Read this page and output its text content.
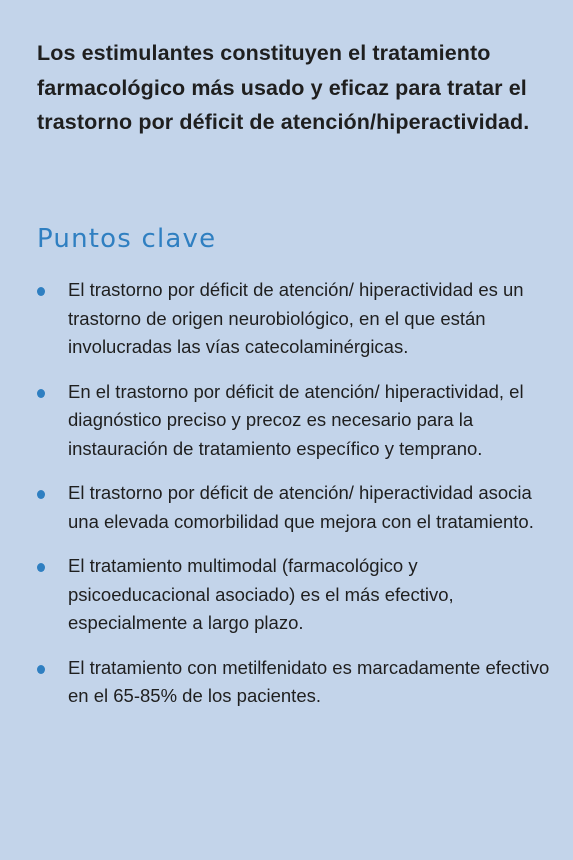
Los estimulantes constituyen el tratamiento farmacológico más usado y eficaz para tratar el trastorno por déficit de atención/hiperactividad.

Puntos clave
El trastorno por déficit de atención/ hiperactividad es un trastorno de origen neurobiológico, en el que están involucradas las vías catecolaminérgicas.
En el trastorno por déficit de atención/ hiperactividad, el diagnóstico preciso y precoz es necesario para la instauración de tratamiento específico y temprano.
El trastorno por déficit de atención/ hiperactividad asocia una elevada comorbilidad que mejora con el tratamiento.
El tratamiento multimodal (farmacológico y psicoeducacional asociado) es el más efectivo, especialmente a largo plazo.
El tratamiento con metilfenidato es marcadamente efectivo en el 65-85% de los pacientes.
